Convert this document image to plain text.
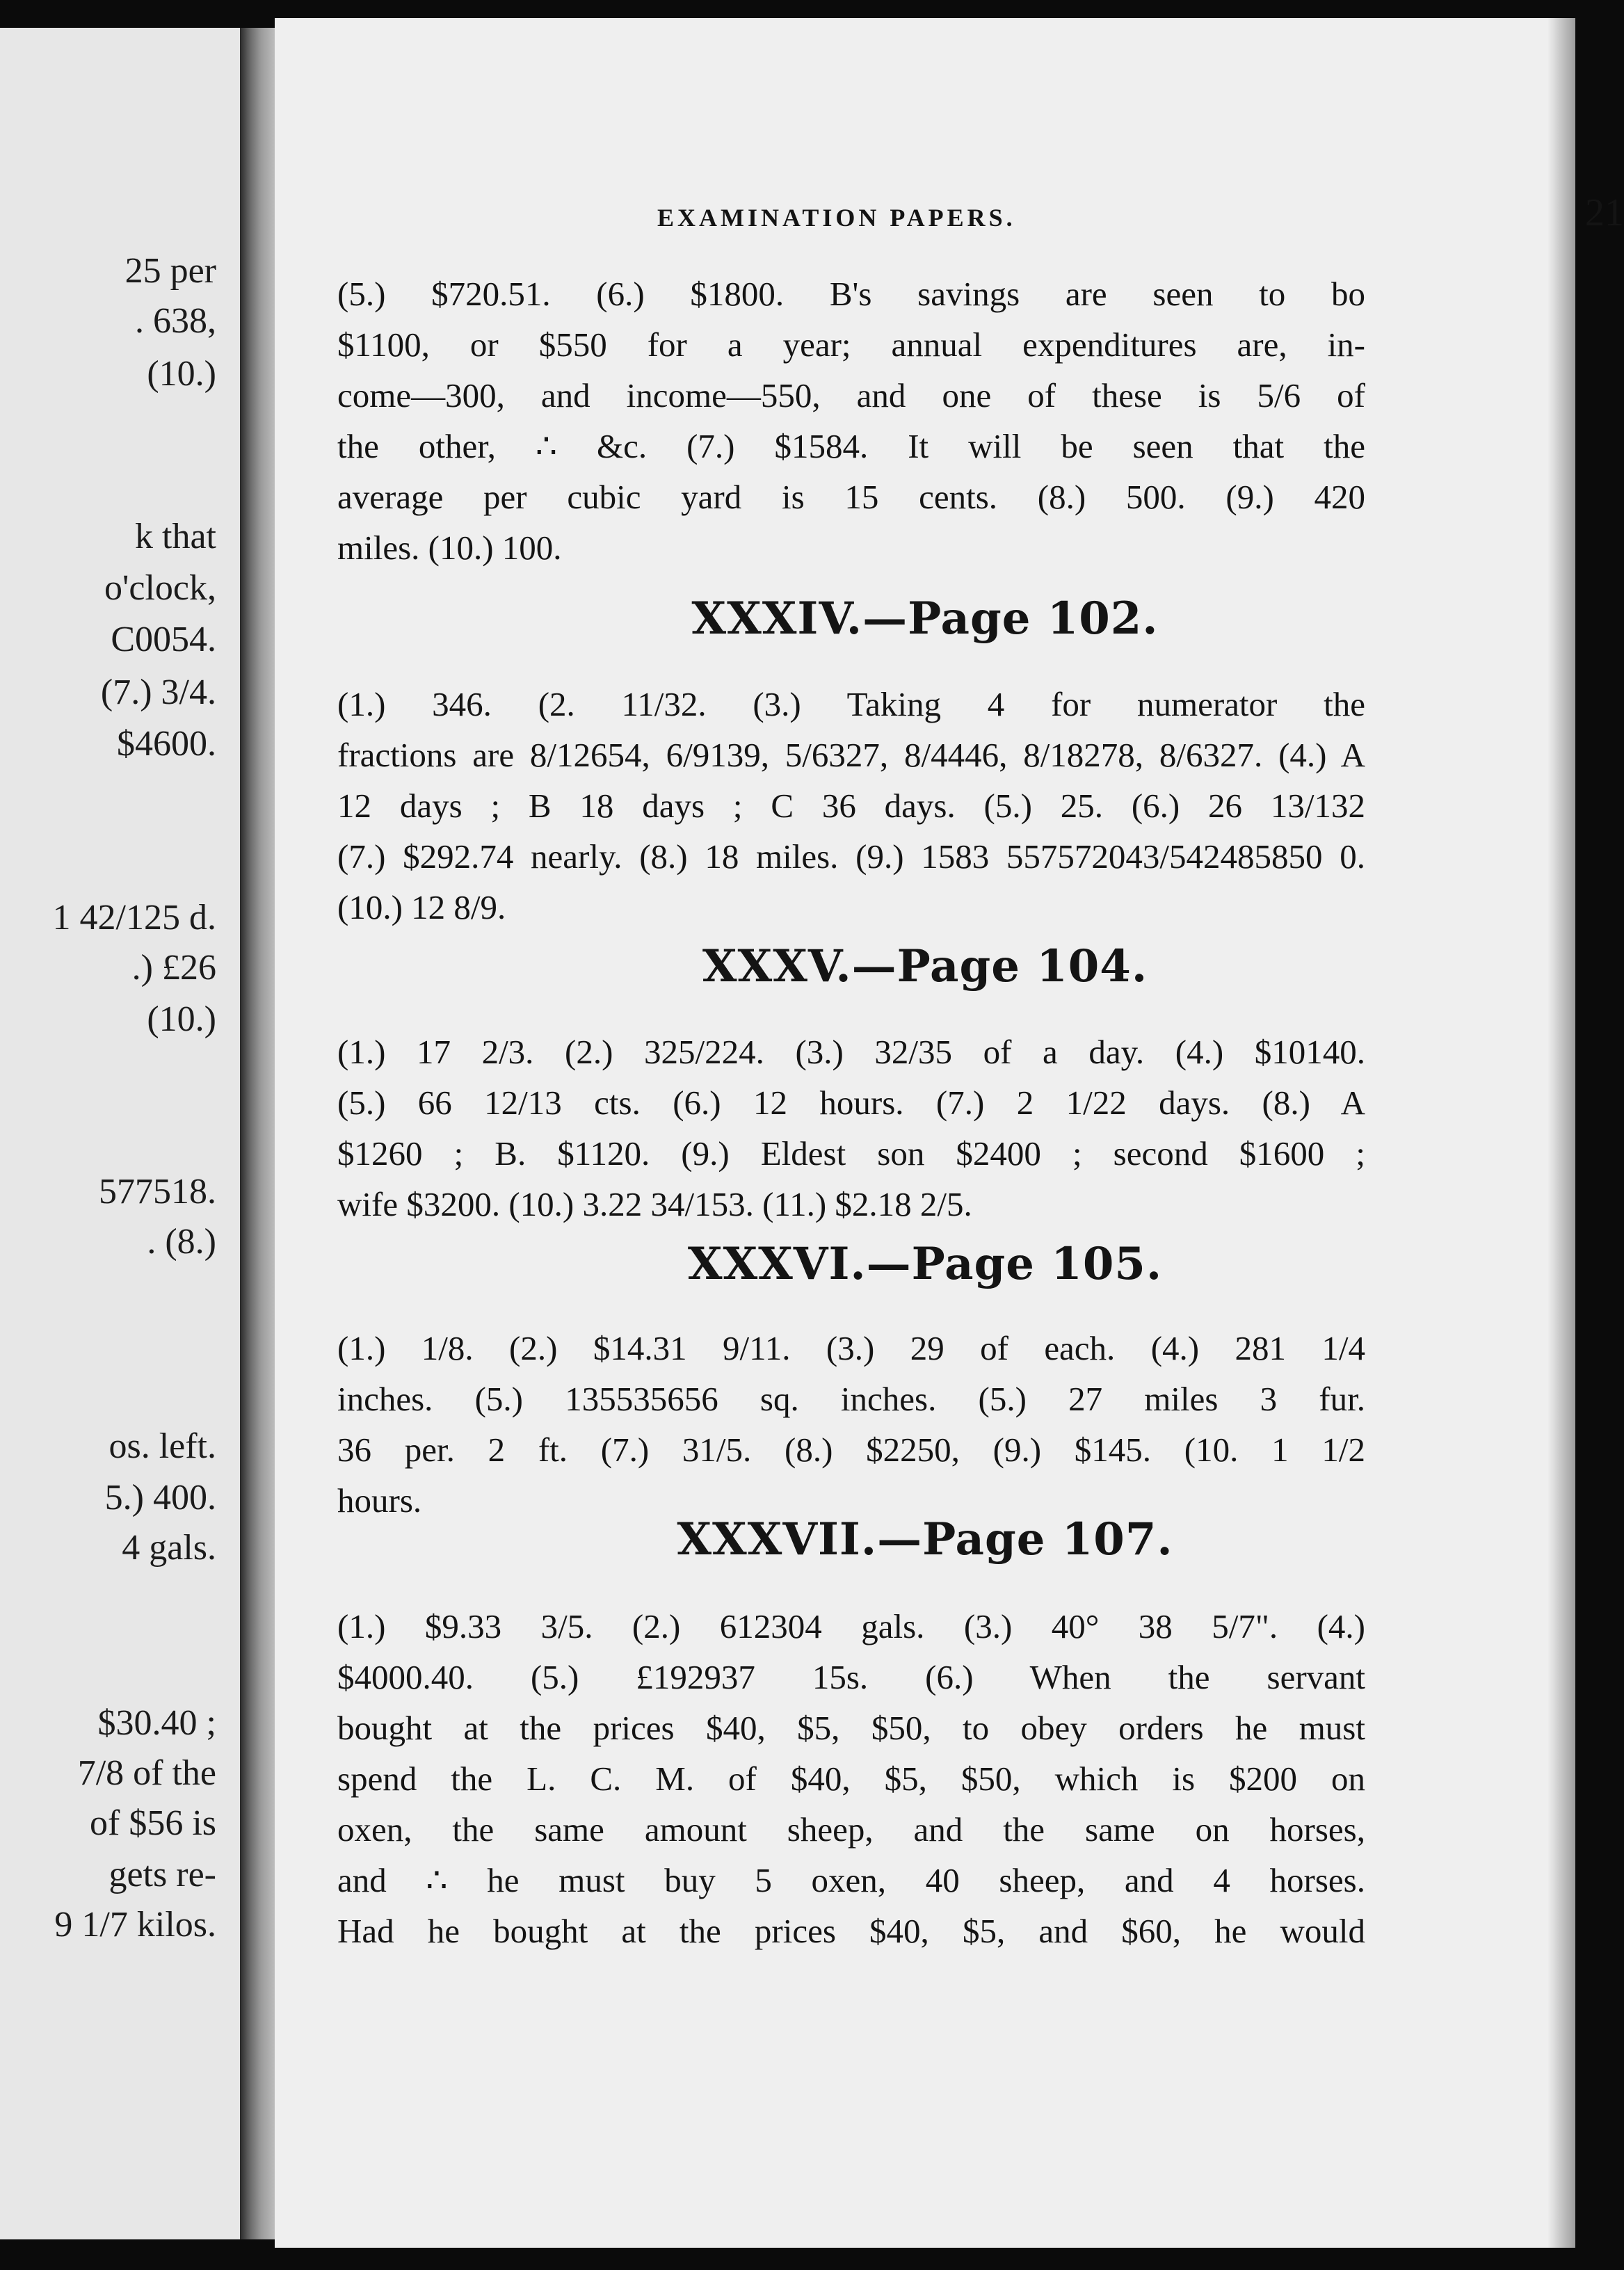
25 per
. 638,
(10.)
k that
o'clock,
C0054.
(7.) 3/4.
$4600.
1 42/125 d.
.) £26
(10.)
577518.
. (8.)
os. left.
5.) 400.
4 gals.
$30.40 ;
7/8 of the
of $56 is
gets re-
9 1/7 kilos.
EXAMINATION PAPERS.	21
(5.) $720.51. (6.) $1800. B's savings are seen to bo
$1100, or $550 for a year; annual expenditures are, in-
come—300, and income—550, and one of these is 5/6 of
the other, ∴ &c. (7.) $1584. It will be seen that the
average per cubic yard is 15 cents. (8.) 500. (9.) 420
miles. (10.) 100.
XXXIV.—Page 102.
(1.) 346. (2. 11/32. (3.) Taking 4 for numerator the
fractions are 8/12654, 6/9139, 5/6327, 8/4446, 8/18278, 8/6327. (4.) A
12 days ; B 18 days ; C 36 days. (5.) 25. (6.) 26 13/132
(7.) $292.74 nearly. (8.) 18 miles. (9.) 1583 557572043/542485850 0.
(10.) 12 8/9.
XXXV.—Page 104.
(1.) 17 2/3. (2.) 325/224. (3.) 32/35 of a day. (4.) $10140.
(5.) 66 12/13 cts. (6.) 12 hours. (7.) 2 1/22 days. (8.) A
$1260 ; B. $1120. (9.) Eldest son $2400 ; second $1600 ;
wife $3200. (10.) 3.22 34/153. (11.) $2.18 2/5.
XXXVI.—Page 105.
(1.) 1/8. (2.) $14.31 9/11. (3.) 29 of each. (4.) 281 1/4
inches. (5.) 135535656 sq. inches. (5.) 27 miles 3 fur.
36 per. 2 ft. (7.) 31/5. (8.) $2250, (9.) $145. (10. 1 1/2
hours.
XXXVII.—Page 107.
(1.) $9.33 3/5. (2.) 612304 gals. (3.) 40° 38 5/7". (4.)
$4000.40. (5.) £192937 15s. (6.) When the servant
bought at the prices $40, $5, $50, to obey orders he must
spend the L. C. M. of $40, $5, $50, which is $200 on
oxen, the same amount sheep, and the same on horses,
and ∴ he must buy 5 oxen, 40 sheep, and 4 horses.
Had he bought at the prices $40, $5, and $60, he would
